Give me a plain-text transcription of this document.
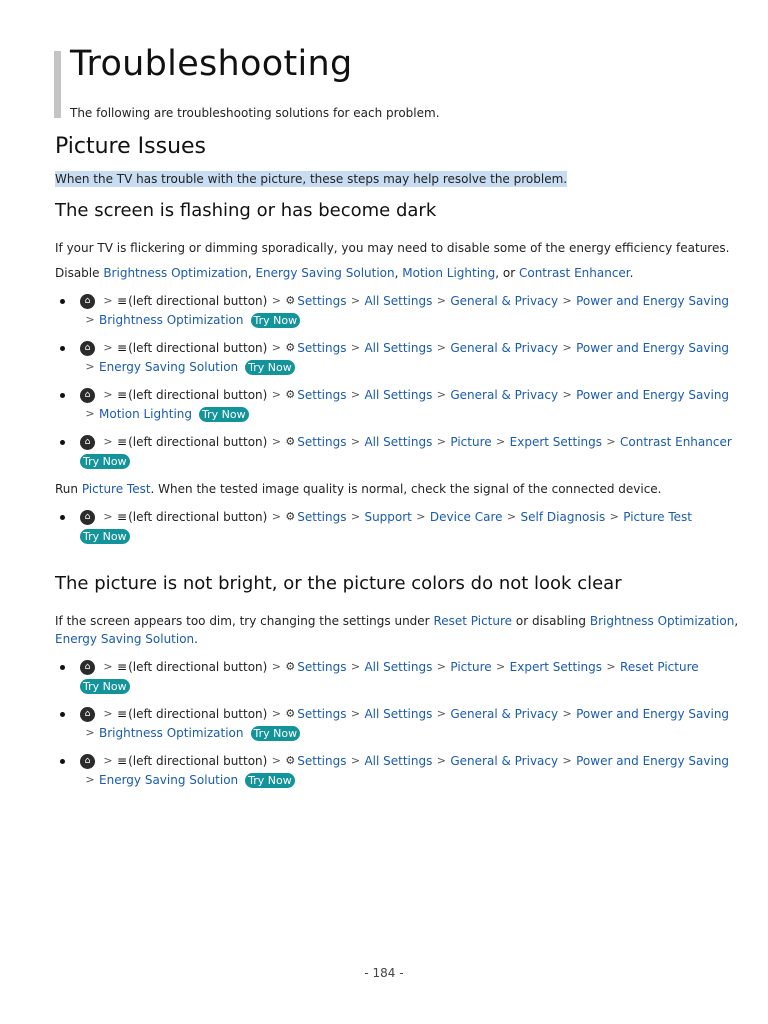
Troubleshooting
The following are troubleshooting solutions for each problem.
Picture Issues
When the TV has trouble with the picture, these steps may help resolve the problem.
The screen is flashing or has become dark
If your TV is flickering or dimming sporadically, you may need to disable some of the energy efficiency features.
Disable Brightness Optimization, Energy Saving Solution, Motion Lighting, or Contrast Enhancer.
⌂	> ≡ (left directional button) > ⚙ Settings > All Settings > General & Privacy > Power and Energy Saving
> Brightness Optimization Try Now
⌂	> ≡ (left directional button) > ⚙ Settings > All Settings > General & Privacy > Power and Energy Saving
> Energy Saving Solution Try Now
⌂	> ≡ (left directional button) > ⚙ Settings > All Settings > General & Privacy > Power and Energy Saving
> Motion Lighting Try Now
⌂	> ≡ (left directional button) > ⚙ Settings > All Settings > Picture > Expert Settings > Contrast Enhancer
Try Now
Run Picture Test. When the tested image quality is normal, check the signal of the connected device.
⌂	> ≡ (left directional button) > ⚙ Settings > Support > Device Care > Self Diagnosis > Picture Test
Try Now
The picture is not bright, or the picture colors do not look clear
If the screen appears too dim, try changing the settings under Reset Picture or disabling Brightness Optimization,
Energy Saving Solution.
⌂	> ≡ (left directional button) > ⚙ Settings > All Settings > Picture > Expert Settings > Reset Picture
Try Now
⌂	> ≡ (left directional button) > ⚙ Settings > All Settings > General & Privacy > Power and Energy Saving
> Brightness Optimization Try Now
⌂	> ≡ (left directional button) > ⚙ Settings > All Settings > General & Privacy > Power and Energy Saving
> Energy Saving Solution Try Now
- 184 -
